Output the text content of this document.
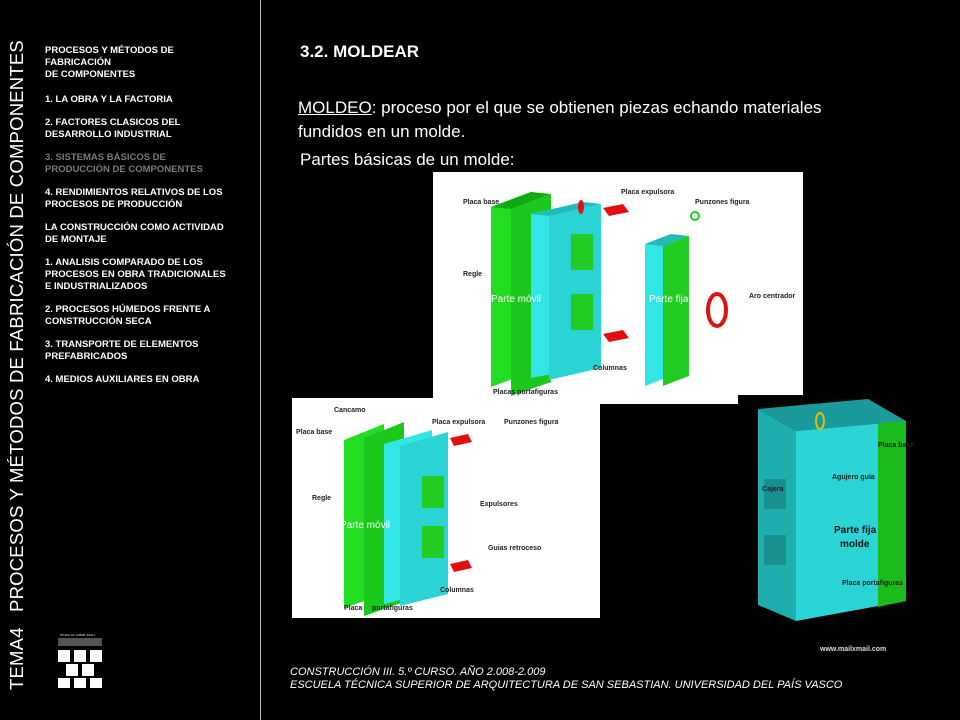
TEMA4 PROCESOS Y MÉTODOS DE FABRICACIÓN DE COMPONENTES PROCESOS Y MÉTODOS DE
FABRICACIÓN
DE COMPONENTES
1. LA OBRA Y LA FACTORIA
2. FACTORES CLASICOS DEL
DESARROLLO INDUSTRIAL
3. SISTEMAS BÁSICOS DE
PRODUCCIÓN DE COMPONENTES
4. RENDIMIENTOS RELATIVOS DE LOS
PROCESOS DE PRODUCCIÓN
LA CONSTRUCCIÓN COMO ACTIVIDAD
DE MONTAJE
1. ANALISIS COMPARADO DE LOS
PROCESOS EN OBRA TRADICIONALES
E INDUSTRIALIZADOS
2. PROCESOS HÚMEDOS FRENTE A
CONSTRUCCIÓN SECA
3. TRANSPORTE DE ELEMENTOS
PREFABRICADOS
4. MEDIOS AUXILIARES EN OBRA
eman ta zabal zazu
3.2. MOLDEAR
MOLDEO: proceso por el que se obtienen piezas echando materiales fundidos en un molde.
Partes básicas de un molde:
Placa base
Placa expulsora
Punzones figura
Regle
Parte móvil	Parte fija	Aro centrador
Columnas
Placas portafiguras
Cancamo
Placa expulsora	Punzones figura
Placa base
Expulsores
Regle
Parte móvil
Guias retroceso
Columnas
Placa portafiguras
Cajera
Agujero guía
Placa base
Parte fija
molde
Placa portafiguras
www.mailxmail.com
CONSTRUCCIÓN III. 5.º CURSO. AÑO 2.008-2.009
ESCUELA TÉCNICA SUPERIOR DE ARQUITECTURA DE SAN SEBASTIAN. UNIVERSIDAD DEL PAÍS VASCO
